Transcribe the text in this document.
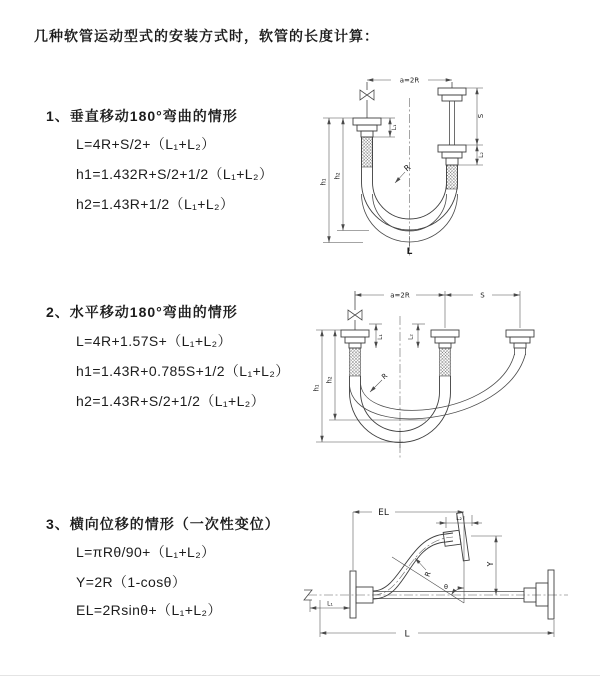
几种软管运动型式的安装方式时，软管的长度计算：
1、垂直移动180°弯曲的情形
L=4R+S/2+（L₁+L₂）
h1=1.432R+S/2+1/2（L₁+L₂）
h2=1.43R+1/2（L₁+L₂）
2、水平移动180°弯曲的情形
L=4R+1.57S+（L₁+L₂）
h1=1.43R+0.785S+1/2（L₁+L₂）
h2=1.43R+S/2+1/2（L₁+L₂）
3、横向位移的情形（一次性变位）
L=πRθ/90+（L₁+L₂）
Y=2R（1-cosθ）
EL=2Rsinθ+（L₁+L₂）
a=2R
S
L₂
h₁
h₂
L₁
R
L
a=2R	S
h₁
h₂
L₁	L₂
R
θ
R
EL
L₂
Y
L₁
L
